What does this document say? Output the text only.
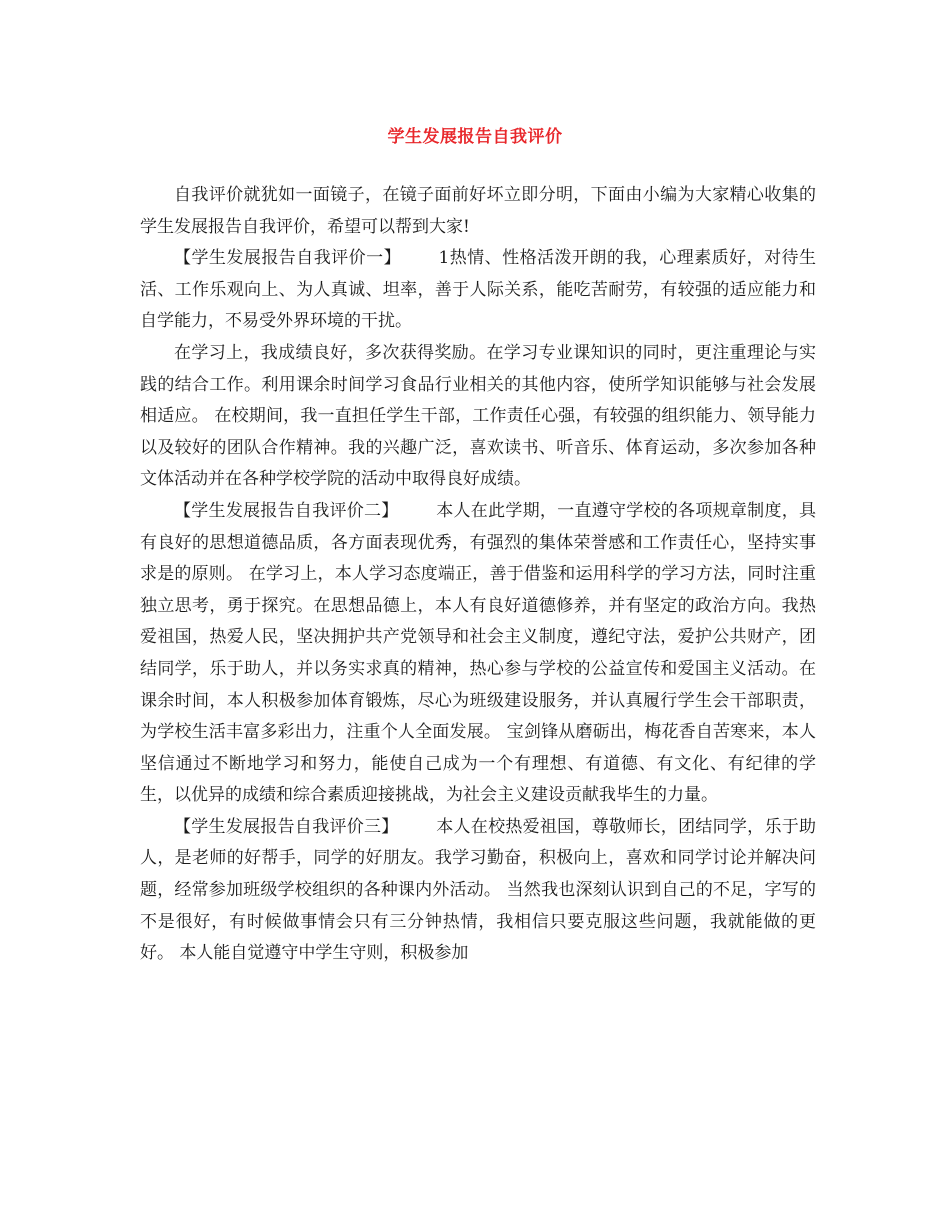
学生发展报告自我评价

自我评价就犹如一面镜子，在镜子面前好坏立即分明，下面由小编为大家精心收集的学生发展报告自我评价，希望可以帮到大家!

【学生发展报告自我评价一】 1热情、性格活泼开朗的我，心理素质好，对待生活、工作乐观向上、为人真诚、坦率，善于人际关系，能吃苦耐劳，有较强的适应能力和自学能力，不易受外界环境的干扰。

在学习上，我成绩良好，多次获得奖励。在学习专业课知识的同时，更注重理论与实践的结合工作。利用课余时间学习食品行业相关的其他内容，使所学知识能够与社会发展相适应。 在校期间，我一直担任学生干部，工作责任心强，有较强的组织能力、领导能力以及较好的团队合作精神。我的兴趣广泛，喜欢读书、听音乐、体育运动，多次参加各种文体活动并在各种学校学院的活动中取得良好成绩。

【学生发展报告自我评价二】 本人在此学期，一直遵守学校的各项规章制度，具有良好的思想道德品质，各方面表现优秀，有强烈的集体荣誉感和工作责任心，坚持实事求是的原则。 在学习上，本人学习态度端正，善于借鉴和运用科学的学习方法，同时注重独立思考，勇于探究。在思想品德上，本人有良好道德修养，并有坚定的政治方向。我热爱祖国，热爱人民，坚决拥护共产党领导和社会主义制度，遵纪守法，爱护公共财产，团结同学，乐于助人，并以务实求真的精神，热心参与学校的公益宣传和爱国主义活动。在课余时间，本人积极参加体育锻炼，尽心为班级建设服务，并认真履行学生会干部职责，为学校生活丰富多彩出力，注重个人全面发展。 宝剑锋从磨砺出，梅花香自苦寒来，本人坚信通过不断地学习和努力，能使自己成为一个有理想、有道德、有文化、有纪律的学生，以优异的成绩和综合素质迎接挑战，为社会主义建设贡献我毕生的力量。

【学生发展报告自我评价三】 本人在校热爱祖国，尊敬师长，团结同学，乐于助人，是老师的好帮手，同学的好朋友。我学习勤奋，积极向上，喜欢和同学讨论并解决问题，经常参加班级学校组织的各种课内外活动。 当然我也深刻认识到自己的不足，字写的不是很好，有时候做事情会只有三分钟热情，我相信只要克服这些问题，我就能做的更好。 本人能自觉遵守中学生守则，积极参加
